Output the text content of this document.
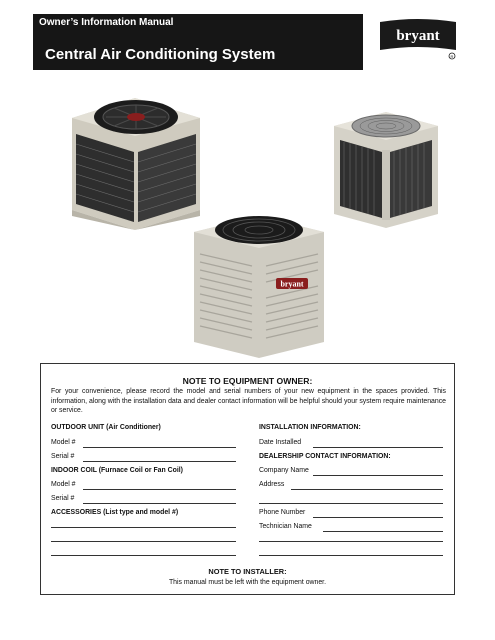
Owner’s Information Manual
Central Air Conditioning System
bryant
R
bryant
NOTE TO EQUIPMENT OWNER:
For your convenience, please record the model and serial numbers of your new equipment in the spaces provided. This information, along with the installation data and dealer contact information will be helpful should your system require maintenance or service.
OUTDOOR UNIT (Air Conditioner)
Model #
Serial #
INDOOR COIL (Furnace Coil or Fan Coil)
Model #
Serial #
ACCESSORIES (List type and model #)
INSTALLATION INFORMATION:
Date Installed
DEALERSHIP CONTACT INFORMATION:
Company Name
Address
Phone Number
Technician Name
NOTE TO INSTALLER:
This manual must be left with the equipment owner.
